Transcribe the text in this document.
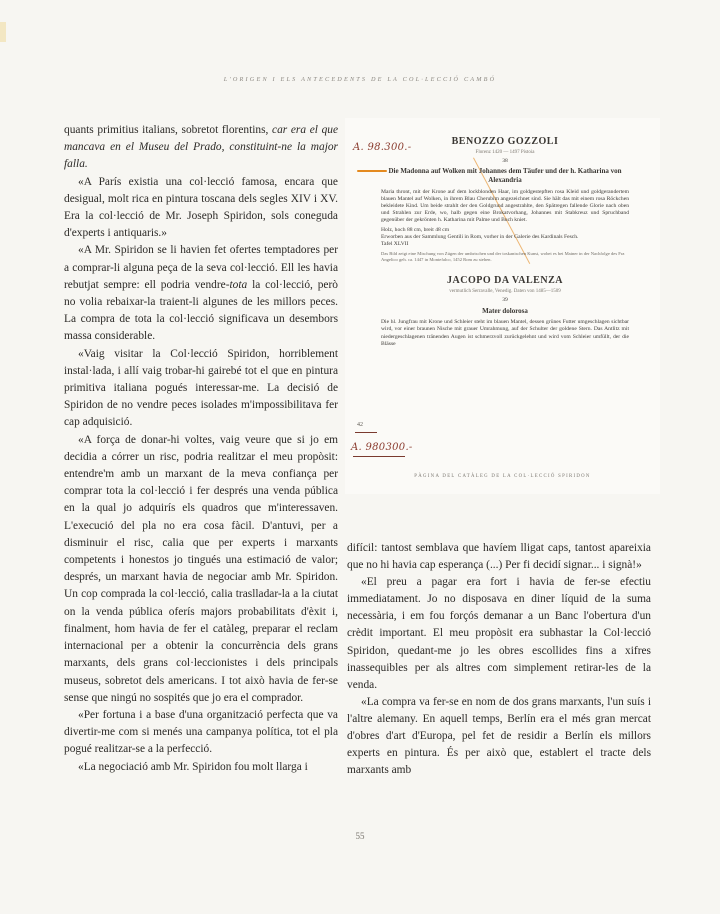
L'ORIGEN I ELS ANTECEDENTS DE LA COL·LECCIÓ CAMBÓ

quants primitius italians, sobretot florentins, car era el que mancava en el Museu del Prado, constituint-ne la major falla.

«A París existia una col·lecció famosa, encara que desigual, molt rica en pintura toscana dels segles XIV i XV. Era la col·lecció de Mr. Joseph Spiridon, sols coneguda d'experts i antiquaris.»

«A Mr. Spiridon se li havien fet ofertes temptadores per a comprar-li alguna peça de la seva col·lecció. Ell les havia rebutjat sempre: ell podria vendre-tota la col·lecció, però no volia rebaixar-la traient-li algunes de les millors peces. La compra de tota la col·lecció significava un desembors massa considerable.

«Vaig visitar la Col·lecció Spiridon, horriblement instal·lada, i allí vaig trobar-hi gairebé tot el que en pintura primitiva italiana pogués interessar-me. La decisió de Spiridon de no vendre peces isolades m'impossibilitava fer cap adquisició.

«A força de donar-hi voltes, vaig veure que si jo em decidia a córrer un risc, podria realitzar el meu propòsit: entendre'm amb un marxant de la meva confiança per comprar tota la col·lecció i fer després una venda pública en la qual jo adquirís els quadros que m'interessaven. L'execució del pla no era cosa fàcil. D'antuvi, per a disminuir el risc, calia que per experts i marxants competents i honestos jo tingués una estimació de valor; després, un marxant havia de negociar amb Mr. Spiridon. Un cop comprada la col·lecció, calia traslladar-la a la ciutat on la venda pública oferís majors probabilitats d'èxit i, finalment, hom havia de fer el catàleg, preparar el reclam internacional per a obtenir la concurrència dels grans marxants, dels grans col·leccionistes i dels principals museus, sobretot dels americans. I tot això havia de fer-se sense que ningú no sospités que jo era el comprador.

«Per fortuna i a base d'una organització perfecta que va divertir-me com si menés una campanya política, tot el pla pogué realitzar-se a la perfecció.

«La negociació amb Mr. Spiridon fou molt llarga i

A. 98.300.-

BENOZZO GOZZOLI

Florenz 1420 — 1497 Pistoia

38

Die Madonna auf Wolken mit Johannes dem Täufer und der h. Katharina von Alexandria

Maria thront, mit der Krone auf dem lockblonden Haar, im goldgestepften rosa Kleid und goldgerandertem blauen Mantel auf Wolken, in ihrem Blau Cherubim angezeichnet sind. Sie hält das mit einem rosa Röckchen bekleidete Kind. Um beide strahlt der den Goldgrund angestrahlte, den Spätregen fallende Glorie nach oben und Strahlen zur Erde, wo, halb gegen eine Brokatvorhang, Johannes mit Stabkreuz und Spruchband gegenüber der gekrönten h. Katharina mit Palme und Buch kniet.

Holz, hoch 88 cm, breit 48 cm

Erworben aus der Sammlung Gentili in Rom, vorher in der Galerie des Kardinals Fesch.

Tafel XLVII

Das Bild zeigt eine Mischung von Zügen der umbrischen und der toskanischen Kunst, wobei es bei Mainer in der Nachfolge des Fra Angelico geh. ca. 1447 in Montefalco, 1452 Rom zu stehen.

JACOPO DA VALENZA

vermutlich Serravalle, Venedig. Daten von 1485—1509

39

Mater dolorosa

Die hl. Jungfrau mit Krone und Schleier steht im blauen Mantel, dessen grünes Futter umgeschlagen sichtbar wird, vor einer braunen Nische mit grauer Umrahmung, auf der Schulter der goldene Stern. Das Antlitz mit niedergeschlagenen tränenden Augen ist schmerzvoll zurückgelehnt und wird vom Schleier umfüllt, der die Blässe

42
A. 980300.-
PÀGINA DEL CATÀLEG DE LA COL·LECCIÓ SPIRIDON

difícil: tantost semblava que havíem lligat caps, tantost apareixia que no hi havia cap esperança (...) Per fi decidí signar... i signà!»

«El preu a pagar era fort i havia de fer-se efectiu immediatament. Jo no disposava en diner líquid de la suma necessària, i em fou forçós demanar a un Banc l'obertura d'un crèdit important. El meu propòsit era subhastar la Col·lecció Spiridon, quedant-me jo les obres escollides fins a xifres inassequibles per als altres com simplement retirar-les de la venda.

«La compra va fer-se en nom de dos grans marxants, l'un suís i l'altre alemany. En aquell temps, Berlín era el més gran mercat d'obres d'art d'Europa, pel fet de residir a Berlín els millors experts en pintura. És per això que, establert el tracte dels marxants amb

55
